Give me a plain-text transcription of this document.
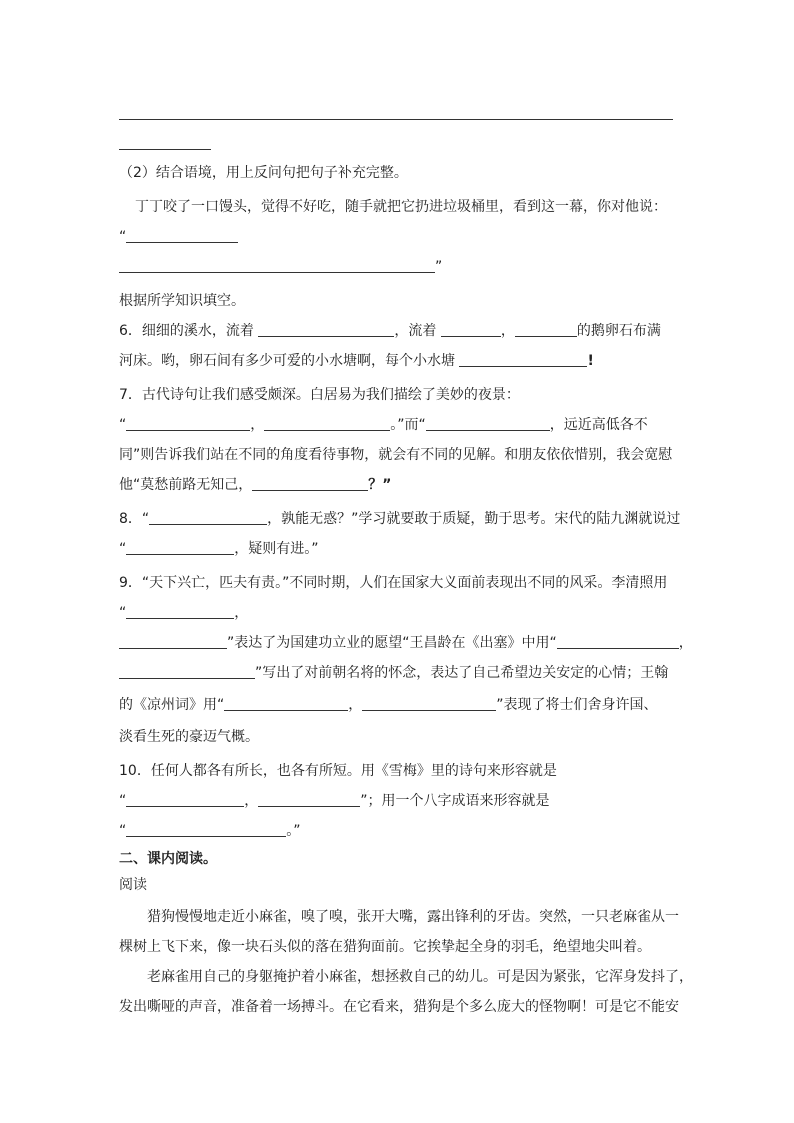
（2）结合语境，用上反问句把句子补充完整。
丁丁咬了一口馒头，觉得不好吃，随手就把它扔进垃圾桶里，看到这一幕，你对他说：
“
”
根据所学知识填空。
6．细细的溪水，流着	，流着	，	的鹅卵石布满
河床。哟，卵石间有多少可爱的小水塘啊，每个小水塘	!
7．古代诗句让我们感受颇深。白居易为我们描绘了美妙的夜景：
“	，	。”而“	，远近高低各不
同”则告诉我们站在不同的角度看待事物，就会有不同的见解。和朋友依依惜别，我会宽慰
他“莫愁前路无知己，	？”
8．“	，孰能无惑？”学习就要敢于质疑，勤于思考。宋代的陆九渊就说过
“	，疑则有进。”
9．“天下兴亡，匹夫有责。”不同时期，人们在国家大义面前表现出不同的风采。李清照用
“	，
”表达了为国建功立业的愿望“王昌龄在《出塞》中用“	，
”写出了对前朝名将的怀念，表达了自己希望边关安定的心情；王翰
的《凉州词》用“	，	”表现了将士们舍身许国、
淡看生死的豪迈气概。
10．任何人都各有所长，也各有所短。用《雪梅》里的诗句来形容就是
“	，	”；用一个八字成语来形容就是
“	。”
二、课内阅读。
阅读
猎狗慢慢地走近小麻雀，嗅了嗅，张开大嘴，露出锋利的牙齿。突然，一只老麻雀从一
棵树上飞下来，像一块石头似的落在猎狗面前。它挨挚起全身的羽毛，绝望地尖叫着。
老麻雀用自己的身躯掩护着小麻雀，想拯救自己的幼儿。可是因为紧张，它浑身发抖了，
发出嘶哑的声音，准备着一场搏斗。在它看来，猎狗是个多么庞大的怪物啊！可是它不能安
